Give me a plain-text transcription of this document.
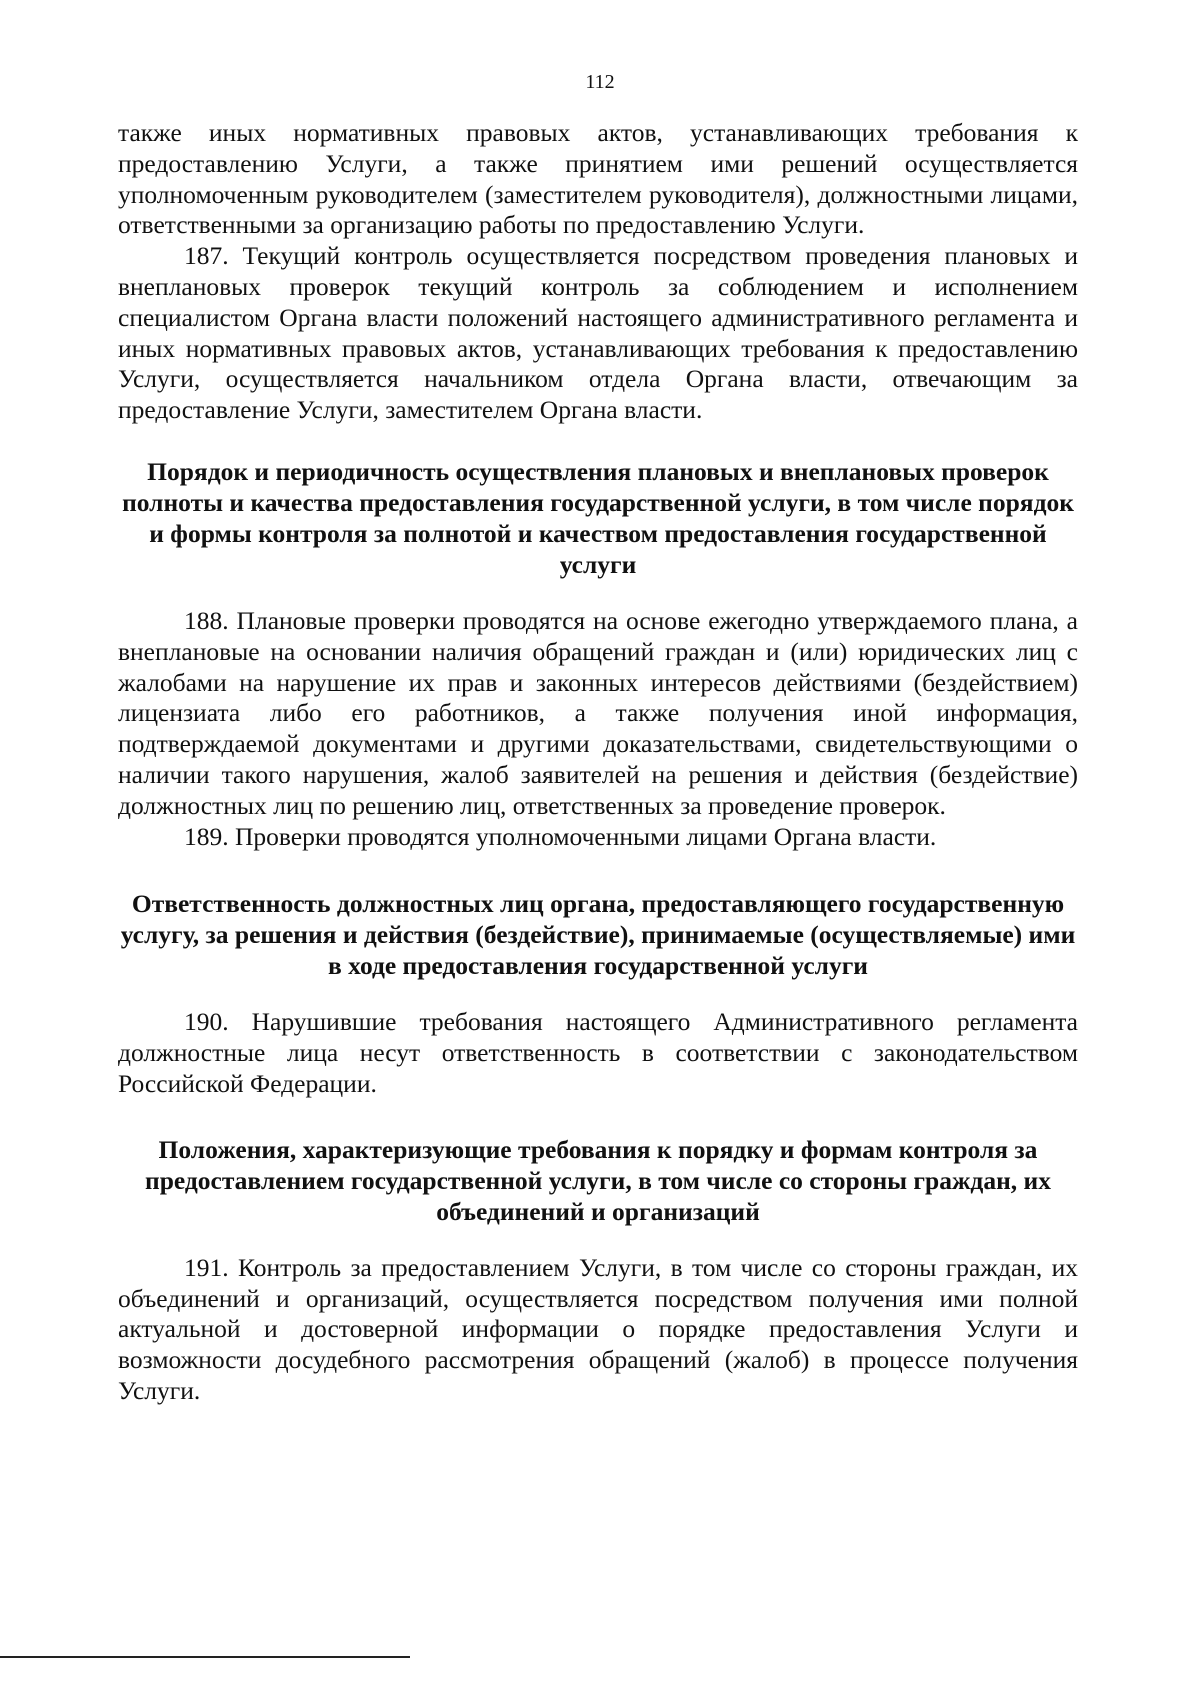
112

также иных нормативных правовых актов, устанавливающих требования к предоставлению Услуги, а также принятием ими решений осуществляется уполномоченным руководителем (заместителем руководителя), должностными лицами, ответственными за организацию работы по предоставлению Услуги.

187. Текущий контроль осуществляется посредством проведения плановых и внеплановых проверок текущий контроль за соблюдением и исполнением специалистом Органа власти положений настоящего административного регламента и иных нормативных правовых актов, устанавливающих требования к предоставлению Услуги, осуществляется начальником отдела Органа власти, отвечающим за предоставление Услуги, заместителем Органа власти.

Порядок и периодичность осуществления плановых и внеплановых проверок полноты и качества предоставления государственной услуги, в том числе порядок и формы контроля за полнотой и качеством предоставления государственной услуги

188. Плановые проверки проводятся на основе ежегодно утверждаемого плана, а внеплановые на основании наличия обращений граждан и (или) юридических лиц с жалобами на нарушение их прав и законных интересов действиями (бездействием) лицензиата либо его работников, а также получения иной информация, подтверждаемой документами и другими доказательствами, свидетельствующими о наличии такого нарушения, жалоб заявителей на решения и действия (бездействие) должностных лиц по решению лиц, ответственных за проведение проверок.

189. Проверки проводятся уполномоченными лицами Органа власти.

Ответственность должностных лиц органа, предоставляющего государственную услугу, за решения и действия (бездействие), принимаемые (осуществляемые) ими в ходе предоставления государственной услуги

190. Нарушившие требования настоящего Административного регламента должностные лица несут ответственность в соответствии с законодательством Российской Федерации.

Положения, характеризующие требования к порядку и формам контроля за предоставлением государственной услуги, в том числе со стороны граждан, их объединений и организаций

191. Контроль за предоставлением Услуги, в том числе со стороны граждан, их объединений и организаций, осуществляется посредством получения ими полной актуальной и достоверной информации о порядке предоставления Услуги и возможности досудебного рассмотрения обращений (жалоб) в процессе получения Услуги.
